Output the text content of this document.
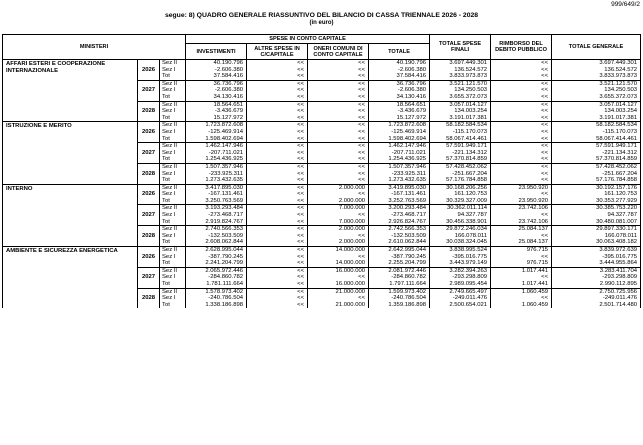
999/649/2
segue: 8) QUADRO GENERALE RIASSUNTIVO DEL BILANCIO DI CASSA TRIENNALE 2026 - 2028
(in euro)
MINISTERI			SPESE IN CONTO CAPITALE				TOTALE SPESE FINALI	RIMBORSO DEL DEBITO PUBBLICO	TOTALE GENERALE
			INVESTIMENTI	ALTRE SPESE IN C/CAPITALE	ONERI COMUNI DI CONTO CAPITALE	TOTALE			
AFFARI ESTERI E COOPERAZIONE INTERNAZIONALE	2026	Sez II	40.190.796	<<	<<	40.190.796	3.697.449.301	<<	3.697.449.301
		Sez I	-2.606.380	<<	<<	-2.606.380	136.524.572	<<	136.524.572
		Tot	37.584.416	<<	<<	37.584.416	3.833.973.873	<<	3.833.973.873
	2027	Sez II	36.736.796	<<	<<	36.736.796	3.521.121.570	<<	3.521.121.570
		Sez I	-2.606.380	<<	<<	-2.606.380	134.250.503	<<	134.250.503
		Tot	34.130.416	<<	<<	34.130.416	3.655.372.073	<<	3.655.372.073
	2028	Sez II	18.564.651	<<	<<	18.564.651	3.057.014.127	<<	3.057.014.127
		Sez I	-3.436.679	<<	<<	-3.436.679	134.003.254	<<	134.003.254
		Tot	15.127.972	<<	<<	15.127.972	3.191.017.381	<<	3.191.017.381
ISTRUZIONE E MERITO	2026	Sez II	1.723.872.608	<<	<<	1.723.872.608	58.182.584.534	<<	58.182.584.534
		Sez I	-125.469.914	<<	<<	-125.469.914	-115.170.073	<<	-115.170.073
		Tot	1.598.402.694	<<	<<	1.598.402.694	58.067.414.461	<<	58.067.414.461
	2027	Sez II	1.462.147.946	<<	<<	1.462.147.946	57.591.949.171	<<	57.591.949.171
		Sez I	-207.711.021	<<	<<	-207.711.021	-221.134.312	<<	-221.134.312
		Tot	1.254.436.925	<<	<<	1.254.436.925	57.370.814.859	<<	57.370.814.859
	2028	Sez II	1.507.357.946	<<	<<	1.507.357.946	57.428.452.062	<<	57.428.452.062
		Sez I	-233.925.311	<<	<<	-233.925.311	-251.667.204	<<	-251.667.204
		Tot	1.273.432.635	<<	<<	1.273.432.635	57.176.784.858	<<	57.176.784.858
INTERNO	2026	Sez II	3.417.895.030	<<	2.000.000	3.419.895.030	30.168.206.256	23.950.920	30.192.157.176
		Sez I	-167.131.461	<<	<<	-167.131.461	161.120.753	<<	161.120.753
		Tot	3.250.763.569	<<	2.000.000	3.252.763.569	30.329.327.009	23.950.920	30.353.277.929
	2027	Sez II	3.193.293.484	<<	7.000.000	3.200.293.484	30.362.011.114	23.742.106	30.385.753.220
		Sez I	-273.468.717	<<	<<	-273.468.717	94.327.787	<<	94.327.787
		Tot	2.919.824.767	<<	7.000.000	2.926.824.767	30.456.338.901	23.742.106	30.480.081.007
	2028	Sez II	2.740.566.353	<<	2.000.000	2.742.566.353	29.872.246.034	25.084.137	29.897.330.171
		Sez I	-132.503.509	<<	<<	-132.503.509	166.078.011	<<	166.078.011
		Tot	2.608.062.844	<<	2.000.000	2.610.062.844	30.038.324.045	25.084.137	30.063.408.182
AMBIENTE E SICUREZZA ENERGETICA	2026	Sez II	2.628.995.044	<<	14.000.000	2.642.995.044	3.838.995.524	976.715	3.839.972.639
		Sez I	-387.790.245	<<	<<	-387.790.245	-395.016.775	<<	-395.016.775
		Tot	2.241.204.799	<<	14.000.000	2.255.204.799	3.443.979.149	976.715	3.444.955.864
	2027	Sez II	2.065.972.446	<<	16.000.000	2.081.972.446	3.282.394.263	1.017.441	3.283.411.704
		Sez I	-284.860.782	<<	<<	-284.860.782	-293.298.809	<<	-293.298.809
		Tot	1.781.111.664	<<	16.000.000	1.797.111.664	2.989.095.454	1.017.441	2.990.112.895
	2028	Sez II	1.578.973.402	<<	21.000.000	1.599.973.402	2.749.665.497	1.060.459	2.750.725.956
		Sez I	-240.786.504	<<	<<	-240.786.504	-249.011.476	<<	-249.011.476
		Tot	1.338.186.898	<<	21.000.000	1.359.186.898	2.500.654.021	1.060.459	2.501.714.480
